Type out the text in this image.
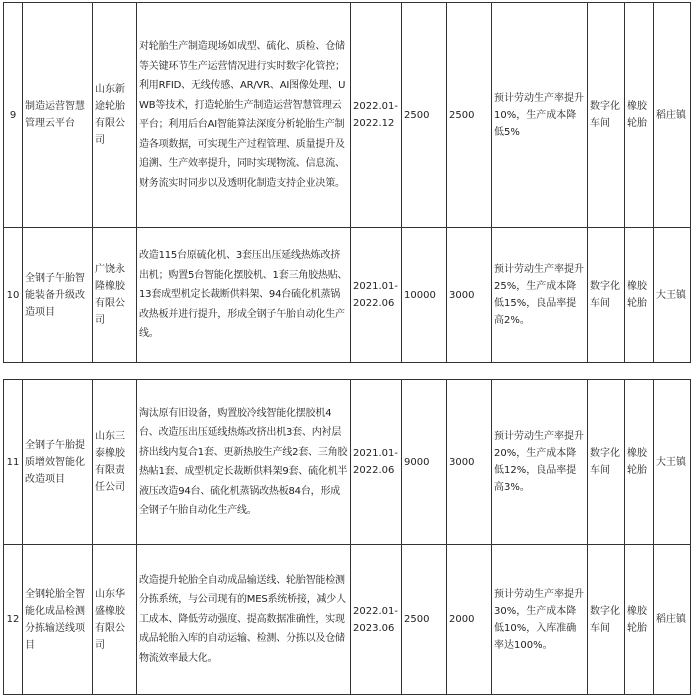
9	制造运营智慧管理云平台	山东新途轮胎有限公司	对轮胎生产制造现场如成型、硫化、质检、仓储等关键环节生产运营情况进行实时数字化管控；利用RFID、无线传感、AR/VR、AI图像处理、UWB等技术，打造轮胎生产制造运营智慧管理云平台；利用后台AI智能算法深度分析轮胎生产制造各项数据，可实现生产过程管理、质量提升及追溯、生产效率提升，同时实现物流、信息流、财务流实时同步以及透明化制造支持企业决策。	2022.01-2022.12	2500	2500	预计劳动生产率提升10%，生产成本降低5%	数字化车间	橡胶轮胎	稻庄镇
10	全钢子午胎智能装备升级改造项目	广饶永隆橡胶有限公司	改造115台原硫化机、3套压出压延线热炼改挤出机；购置5台智能化摆胶机、1套三角胶热贴、13套成型机定长裁断供料架、94台硫化机蒸锅改热板并进行提升，形成全钢子午胎自动化生产线。	2021.01-2022.06	10000	3000	预计劳动生产率提升25%，生产成本降低15%，良品率提高2%。	数字化车间	橡胶轮胎	大王镇
11	全钢子午胎提质增效智能化改造项目	山东三泰橡胶有限责任公司	淘汰原有旧设备，购置胶冷线智能化摆胶机4台、改造压出压延线热炼改挤出机3套、内衬层挤出线内复合1套、更新热胶生产线2套、三角胶热帖1套、成型机定长裁断供料架9套、硫化机半液压改造94台、硫化机蒸锅改热板84台，形成全钢子午胎自动化生产线。	2021.01-2022.06	9000	3000	预计劳动生产率提升20%，生产成本降低12%，良品率提高3%。	数字化车间	橡胶轮胎	大王镇
12	全钢轮胎全智能化成品检测分拣输送线项目	山东华盛橡胶有限公司	改造提升轮胎全自动成品输送线、轮胎智能检测分拣系统，与公司现有的MES系统桥接，减少人工成本、降低劳动强度、提高数据准确性，实现成品轮胎入库的自动运输、检测、分拣以及仓储物流效率最大化。	2022.01-2023.06	2500	2000	预计劳动生产率提升30%，生产成本降低10%，入库准确率达100%。	数字化车间	橡胶轮胎	稻庄镇
